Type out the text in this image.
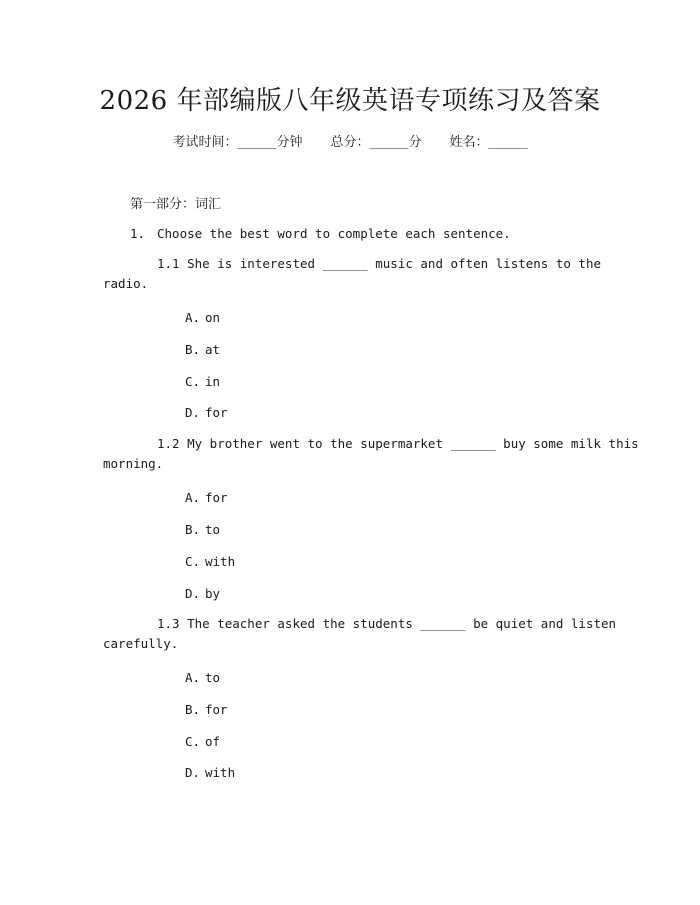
2026 年部编版八年级英语专项练习及答案
考试时间：______分钟 总分：______分 姓名：______
第一部分：词汇
1. Choose the best word to complete each sentence.
1.1 She is interested ______ music and often listens to the
radio.
A. on
B. at
C. in
D. for
1.2 My brother went to the supermarket ______ buy some milk this
morning.
A. for
B. to
C. with
D. by
1.3 The teacher asked the students ______ be quiet and listen
carefully.
A. to
B. for
C. of
D. with
